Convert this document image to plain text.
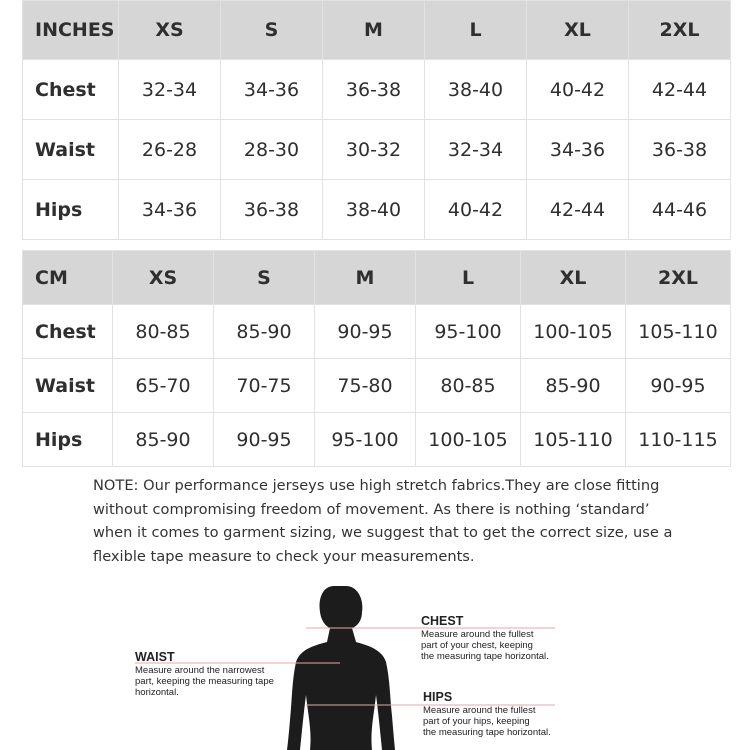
INCHES	XS	S	M	L	XL	2XL
Chest	32-34	34-36	36-38	38-40	40-42	42-44
Waist	26-28	28-30	30-32	32-34	34-36	36-38
Hips	34-36	36-38	38-40	40-42	42-44	44-46
CM	XS	S	M	L	XL	2XL
Chest	80-85	85-90	90-95	95-100	100-105	105-110
Waist	65-70	70-75	75-80	80-85	85-90	90-95
Hips	85-90	90-95	95-100	100-105	105-110	110-115

NOTE: Our performance jerseys use high stretch fabrics.They are close fitting without compromising freedom of movement. As there is nothing ‘standard’ when it comes to garment sizing, we suggest that to get the correct size, use a flexible tape measure to check your measurements.

CHEST
Measure around the fullest
part of your chest, keeping
the measuring tape horizontal.
WAIST
Measure around the narrowest
part, keeping the measuring tape
horizontal.	HIPS
Measure around the fullest
part of your hips, keeping
the measuring tape horizontal.
